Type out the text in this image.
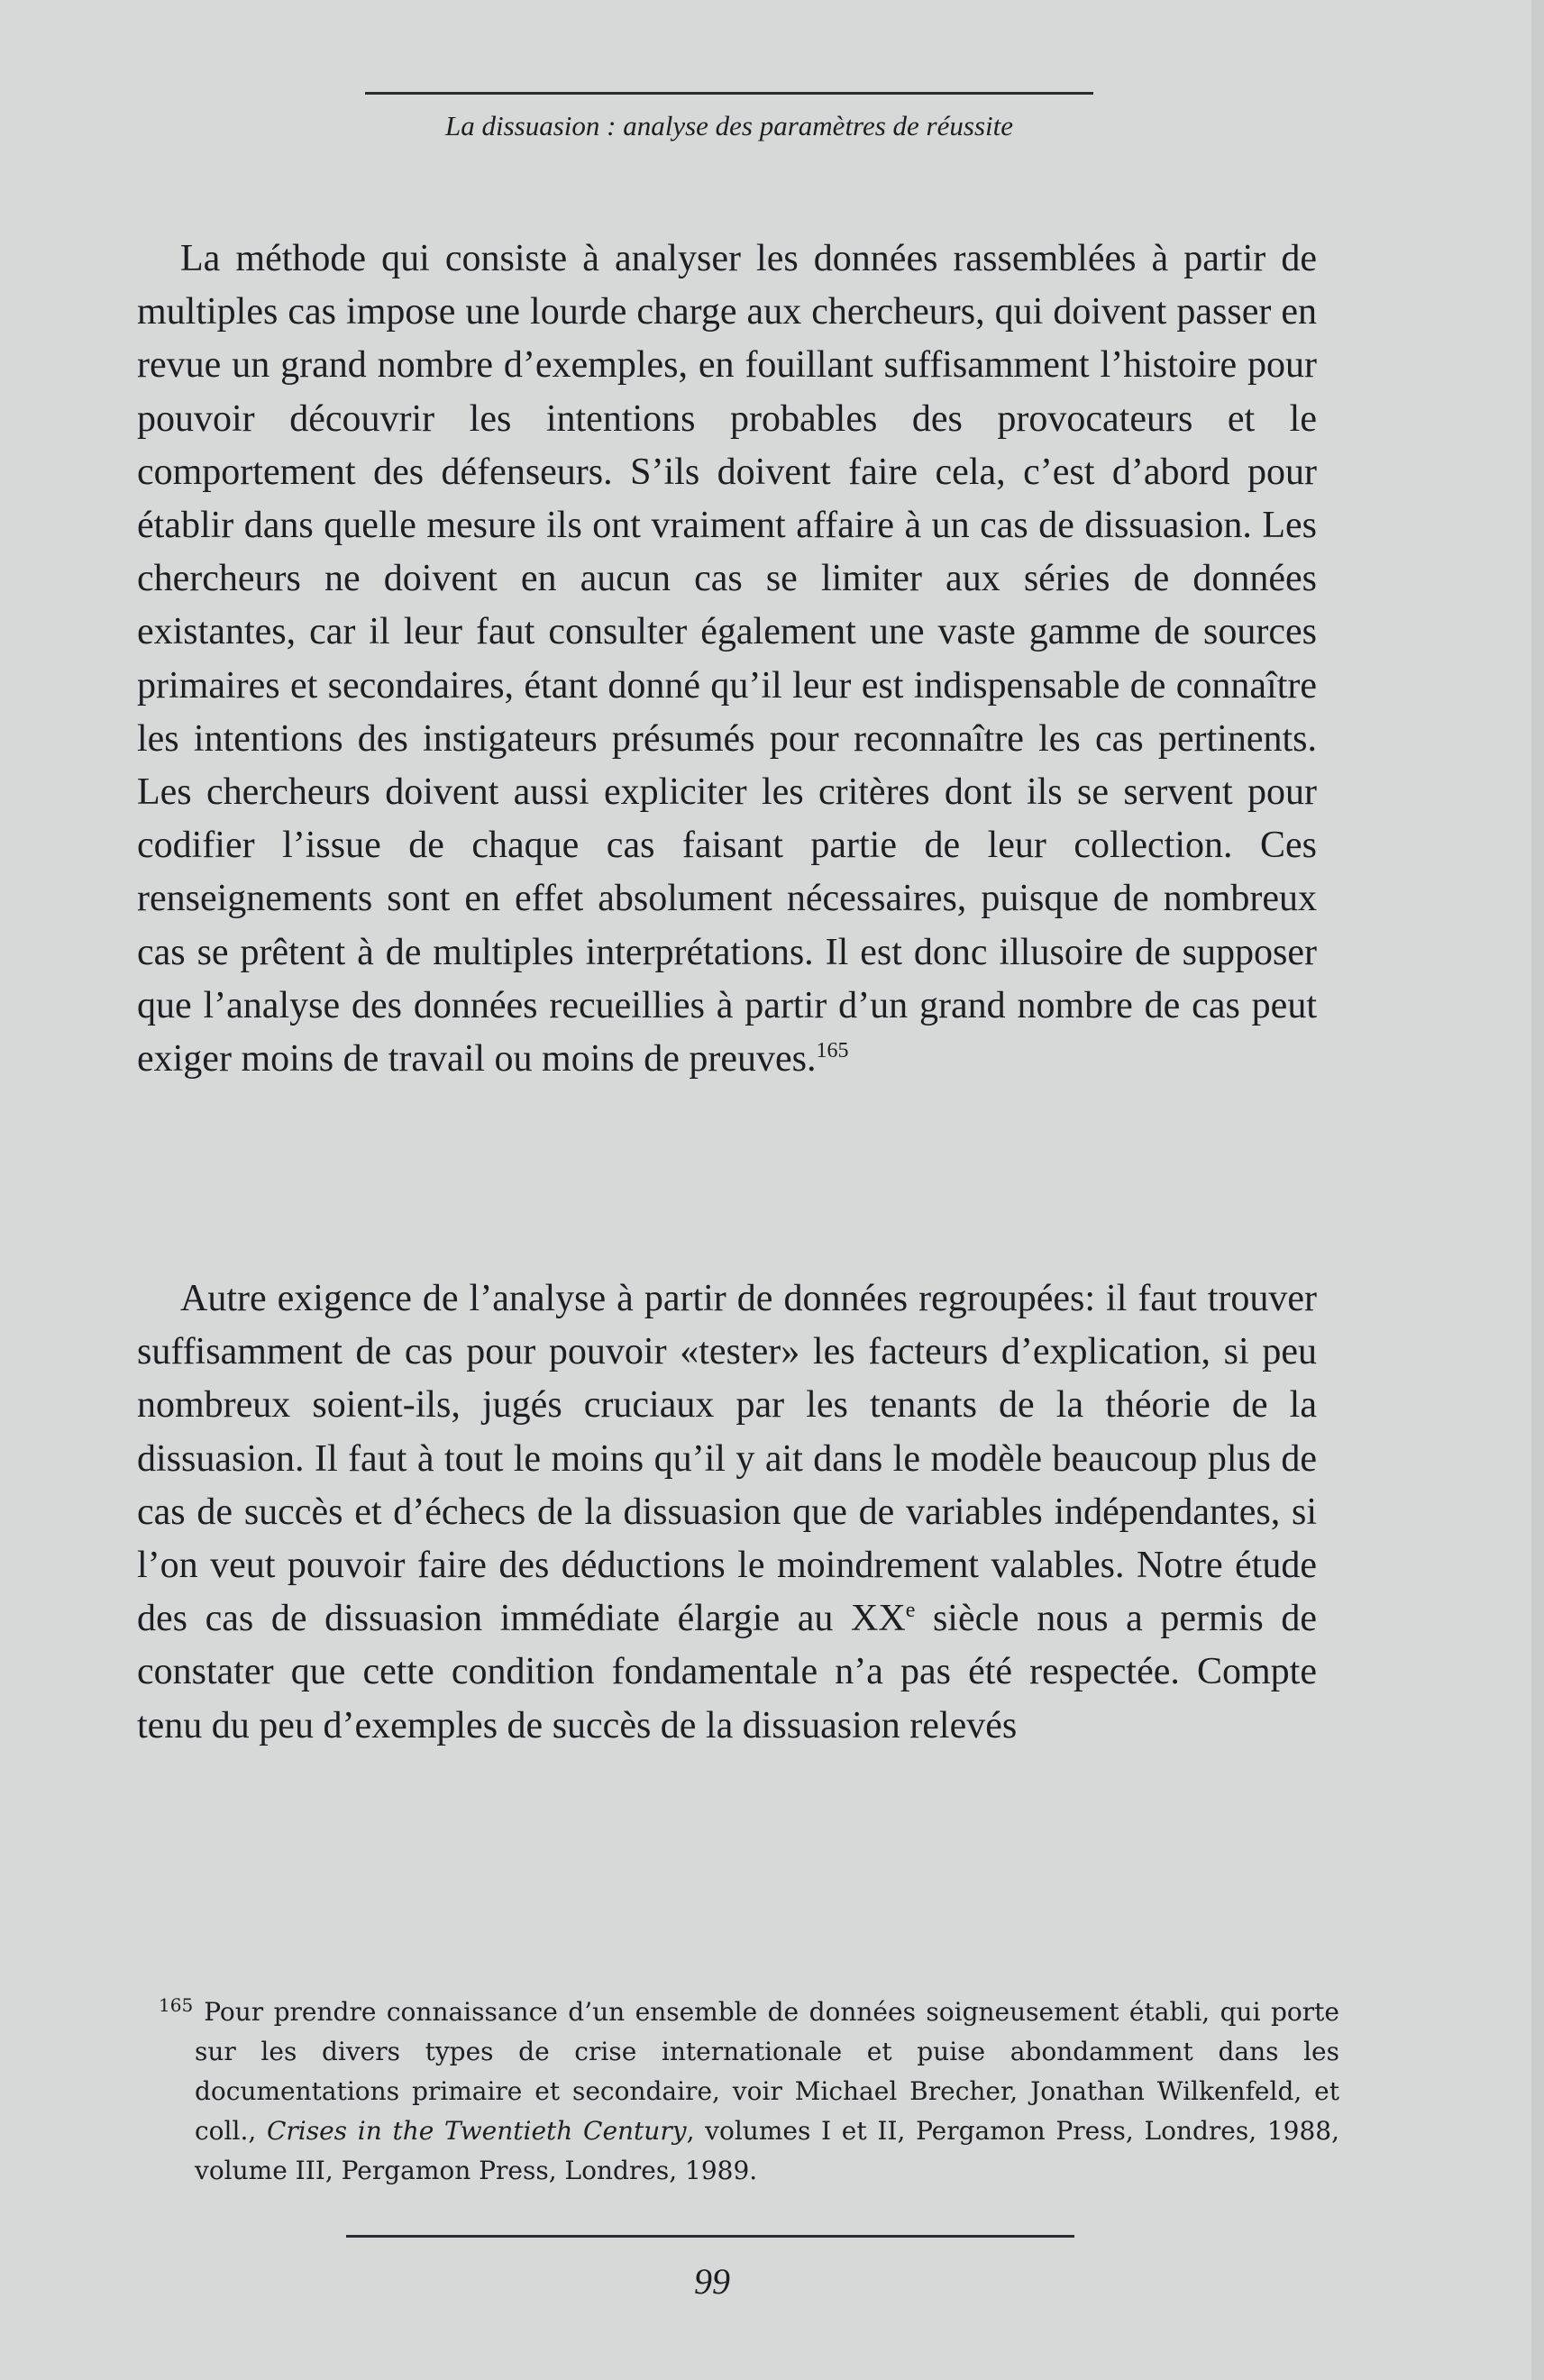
La dissuasion : analyse des paramètres de réussite

La méthode qui consiste à analyser les données rassemblées à partir de multiples cas impose une lourde charge aux chercheurs, qui doivent passer en revue un grand nombre d’exemples, en fouillant suffisamment l’histoire pour pouvoir découvrir les intentions probables des provocateurs et le comportement des défenseurs. S’ils doivent faire cela, c’est d’abord pour établir dans quelle mesure ils ont vraiment affaire à un cas de dissuasion. Les chercheurs ne doivent en aucun cas se limiter aux séries de données existantes, car il leur faut consulter également une vaste gamme de sources primaires et secondaires, étant donné qu’il leur est indispensable de connaître les intentions des instigateurs présumés pour reconnaître les cas pertinents. Les chercheurs doivent aussi expliciter les critères dont ils se servent pour codifier l’issue de chaque cas faisant partie de leur collection. Ces renseignements sont en effet absolument nécessaires, puisque de nombreux cas se prêtent à de multiples interprétations. Il est donc illusoire de supposer que l’analyse des données recueillies à partir d’un grand nombre de cas peut exiger moins de travail ou moins de preuves.$^{165}$

Autre exigence de l’analyse à partir de données regroupées: il faut trouver suffisamment de cas pour pouvoir «tester» les facteurs d’explication, si peu nombreux soient-ils, jugés cruciaux par les tenants de la théorie de la dissuasion. Il faut à tout le moins qu’il y ait dans le modèle beaucoup plus de cas de succès et d’échecs de la dissuasion que de variables indépendantes, si l’on veut pouvoir faire des déductions le moindrement valables. Notre étude des cas de dissuasion immédiate élargie au XXe siècle nous a permis de constater que cette condition fondamentale n’a pas été respectée. Compte tenu du peu d’exemples de succès de la dissuasion relevés

$^{165}$ Pour prendre connaissance d’un ensemble de données soigneusement établi, qui porte sur les divers types de crise internationale et puise abondamment dans les documentations primaire et secondaire, voir Michael Brecher, Jonathan Wilkenfeld, et coll., Crises in the Twentieth Century, volumes I et II, Pergamon Press, Londres, 1988, volume III, Pergamon Press, Londres, 1989.
99
